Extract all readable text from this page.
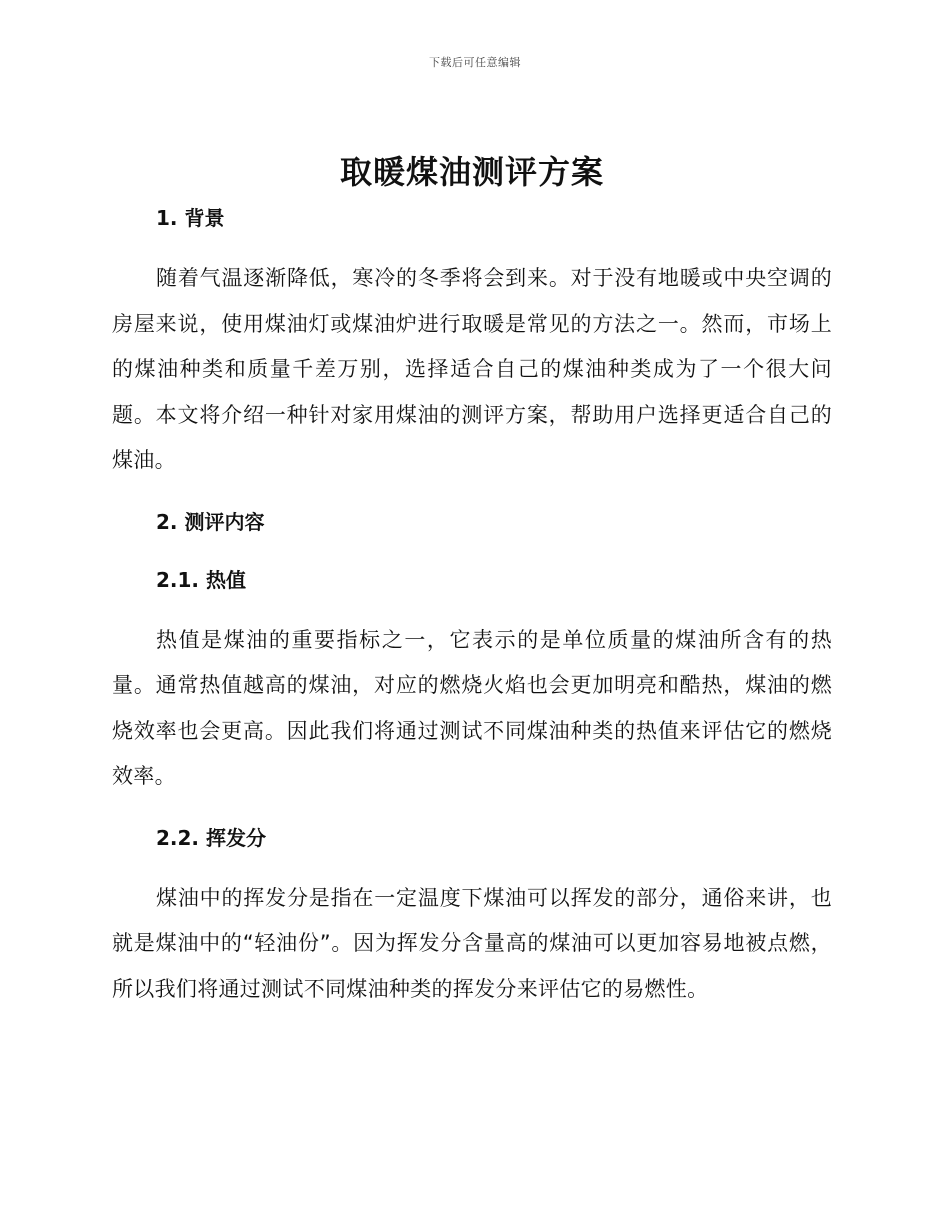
下载后可任意编辑
取暖煤油测评方案
1. 背景

随着气温逐渐降低，寒冷的冬季将会到来。对于没有地暖或中央空调的房屋来说，使用煤油灯或煤油炉进行取暖是常见的方法之一。然而，市场上的煤油种类和质量千差万别，选择适合自己的煤油种类成为了一个很大问题。本文将介绍一种针对家用煤油的测评方案，帮助用户选择更适合自己的煤油。

2. 测评内容
2.1. 热值

热值是煤油的重要指标之一，它表示的是单位质量的煤油所含有的热量。通常热值越高的煤油，对应的燃烧火焰也会更加明亮和酷热，煤油的燃烧效率也会更高。因此我们将通过测试不同煤油种类的热值来评估它的燃烧效率。

2.2. 挥发分

煤油中的挥发分是指在一定温度下煤油可以挥发的部分，通俗来讲，也就是煤油中的“轻油份”。因为挥发分含量高的煤油可以更加容易地被点燃，所以我们将通过测试不同煤油种类的挥发分来评估它的易燃性。
